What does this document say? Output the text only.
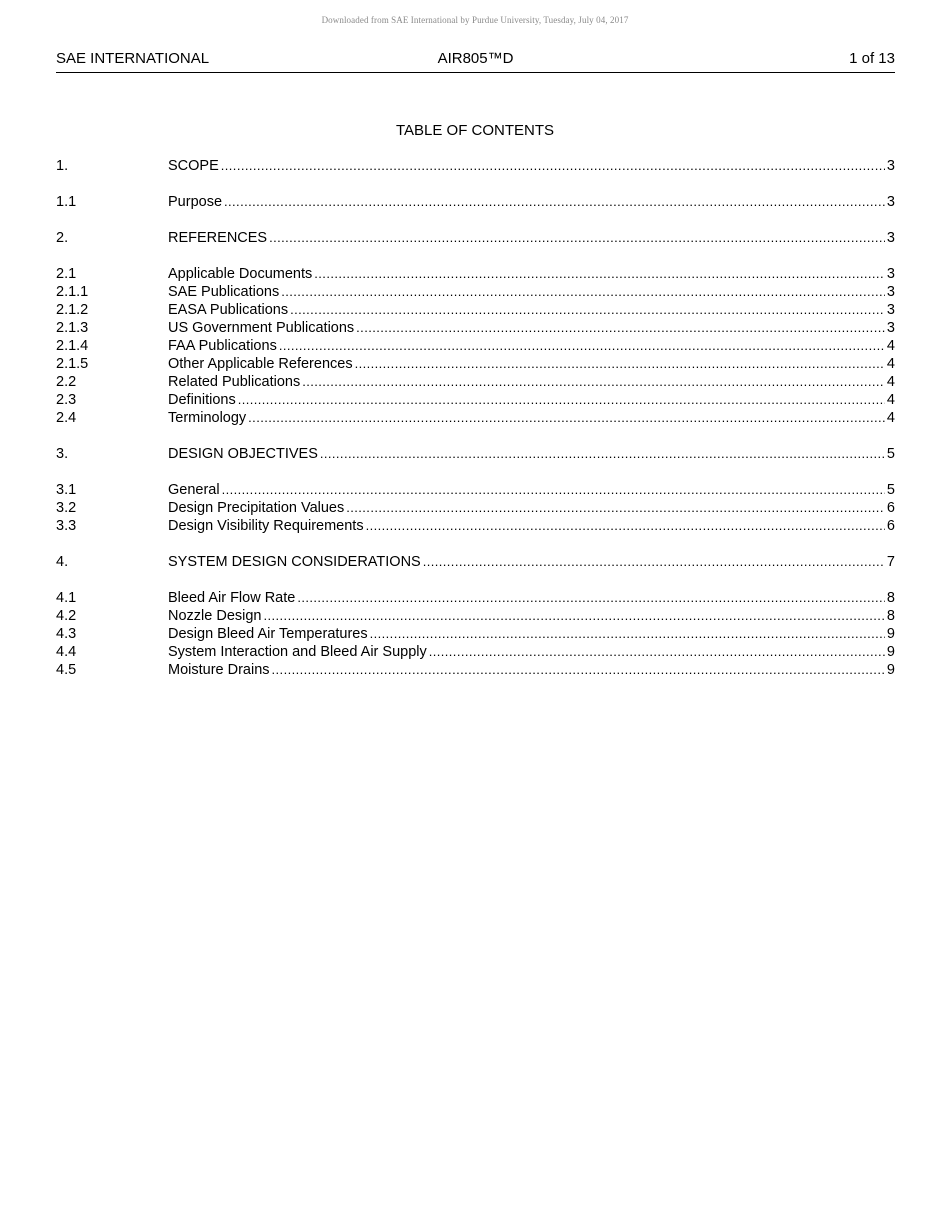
Downloaded from SAE International by Purdue University, Tuesday, July 04, 2017
SAE INTERNATIONAL	AIR805™D	1 of 13
TABLE OF CONTENTS
1.	SCOPE .....	3
1.1	Purpose .....	3
2.	REFERENCES .....	3
2.1	Applicable Documents .....	3
2.1.1	SAE Publications .....	3
2.1.2	EASA Publications .....	3
2.1.3	US Government Publications .....	3
2.1.4	FAA Publications .....	4
2.1.5	Other Applicable References .....	4
2.2	Related Publications .....	4
2.3	Definitions .....	4
2.4	Terminology .....	4
3.	DESIGN OBJECTIVES .....	5
3.1	General .....	5
3.2	Design Precipitation Values .....	6
3.3	Design Visibility Requirements .....	6
4.	SYSTEM DESIGN CONSIDERATIONS .....	7
4.1	Bleed Air Flow Rate .....	8
4.2	Nozzle Design .....	8
4.3	Design Bleed Air Temperatures .....	9
4.4	System Interaction and Bleed Air Supply .....	9
4.5	Moisture Drains .....	9
